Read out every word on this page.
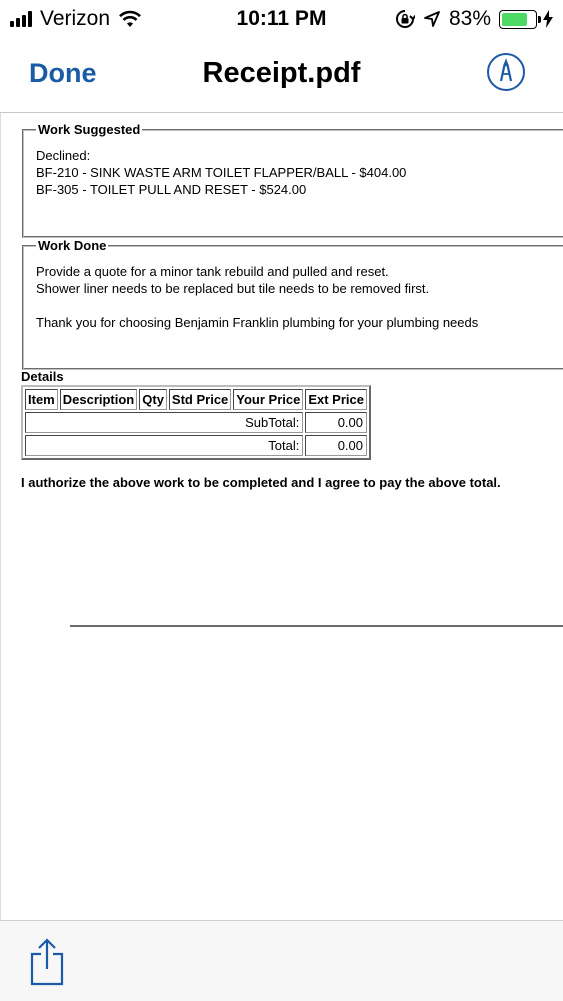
Verizon	10:11 PM	83%
Done	Receipt.pdf
Work Suggested
Declined:
BF-210 - SINK WASTE ARM TOILET FLAPPER/BALL - $404.00
BF-305 - TOILET PULL AND RESET - $524.00
Work Done
Provide a quote for a minor tank rebuild and pulled and reset.
Shower liner needs to be replaced but tile needs to be removed first.
Thank you for choosing Benjamin Franklin plumbing for your plumbing needs
Details
Item	Description	Qty	Std Price	Your Price	Ext Price
SubTotal:					0.00
Total:					0.00
I authorize the above work to be completed and I agree to pay the above total.
